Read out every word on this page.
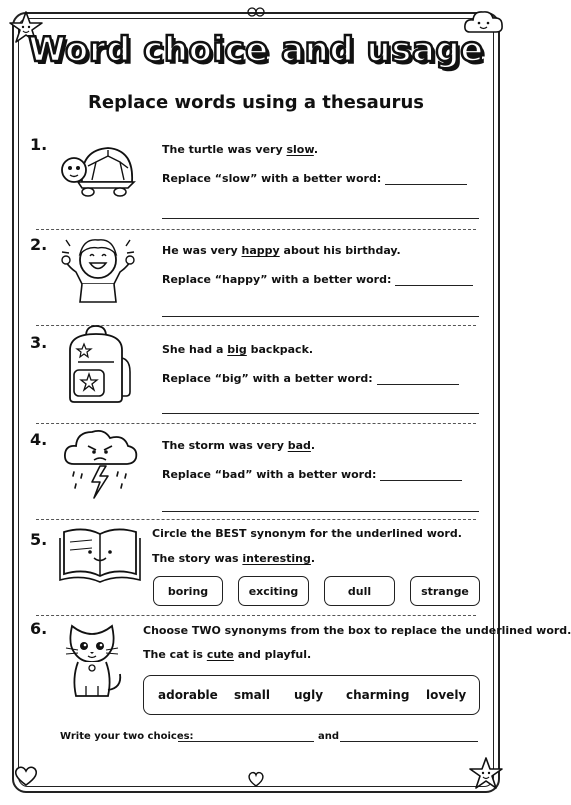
Word choice and usage
Replace words using a thesaurus
1.	The turtle was very slow.
Replace “slow” with a better word:
2.	He was very happy about his birthday.
Replace “happy” with a better word:
3.	She had a big backpack.
Replace “big” with a better word:
4.	The storm was very bad.
Replace “bad” with a better word:
5.	Circle the BEST synonym for the underlined word.
The story was interesting.
boring	exciting	dull	strange
6.	Choose TWO synonyms from the box to replace the underlined word.
The cat is cute and playful.
adorable small ugly charming lovely
Write your two choices:	and
